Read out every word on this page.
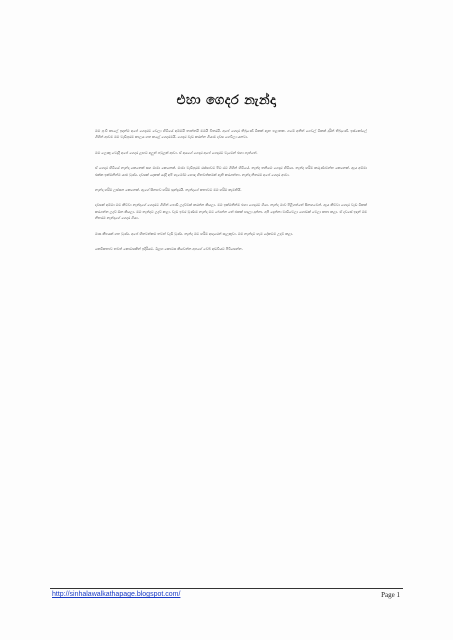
එහා ගෙදර නැන්දා

මම පුංචි කාලේ ඉඳන්ම අපේ ගෙදරට වෙලා හිටියේ අම්මයි තාත්තයි මමයි විතරයි. අපේ ගෙදර තිබුණේ ටිකක් ඈත පළාතක. ගමේ අනිත් ගෙවල් ටිකක් දුරින් තිබුණේ. ඉස්කෝලේ ගිහින් ආවම මම වැඩිපුරම කාලය ගත කළේ ගෙදරමයි. ගෙදර වැඩ කරන්න ගියාම දවස ගෙවිලා යනවා.

මම ලොකු වෙද්දී අපේ ගෙදර ළඟට අලුත් පවුලක් ආවා. ඒ අයගේ ගෙදර අපේ ගෙදරට වැටෙන් එහා පැත්තේ.

ඒ ගෙදර හිටියේ නැන්දා කෙනෙක් සහ මාමා කෙනෙක්. මාමා වැඩිපුරම රස්සාවට පිට රට ගිහින් හිටියේ. නැන්දා තනියම ගෙදර හිටියා. නැන්දා හරිම කරුණාවන්ත කෙනෙක්. ඇය අම්මා එක්ක ඉක්මනින්ම යාළු වුණා. දවසක් දෙකක් යද්දී අපි හැමෝම හොඳ හිතවත්කමක් ඇති කරගත්තා. නැන්දා නිතරම අපේ ගෙදර ආවා.

නැන්දා හරිම ලස්සන කෙනෙක්. ඇගේ සිනහව හරිම සුන්දරයි. නැන්දාගේ කතාවට මම හරිම කැමතියි.

දවසක් අම්මා මට කිව්වා නැන්දාගේ ගෙදරට ගිහින් පොඩි උදව්වක් කරන්න කියලා. මම ඉක්මනින්ම එහා ගෙදරට ගියා. නැන්දා මාව පිළිගත්තේ සිනහවෙන්. ඇය කිව්වා ගෙදර වැඩ ටිකක් කරගන්න උදව් ඕන කියලා. මම නැන්දාට උදව් කළා. වැඩ ඉවර වුණාම නැන්දා මට බොන්න තේ එකක් හදලා දුන්නා. අපි දෙන්නා වාඩිවෙලා ගොඩක් වෙලා කතා කළා. ඒ දවසේ ඉඳන් මම නිතරම නැන්දාගේ ගෙදර ගියා.

මාස කීපයක් ගත වුණා. අපේ හිතවත්කම තවත් වැඩි වුණා. නැන්දා මට හරිම ආදරෙන් සැලකුවා. මම නැන්දාට හැම දේකටම උදව් කළා.

කෙටිකතාව තවත් කොටසකින් ඉදිරියට. ඊළඟ කොටස කියවන්න අපගේ වෙබ් අඩවියට පිවිසෙන්න.

http://sinhalawalkathapage.blogspot.com/	Page 1
